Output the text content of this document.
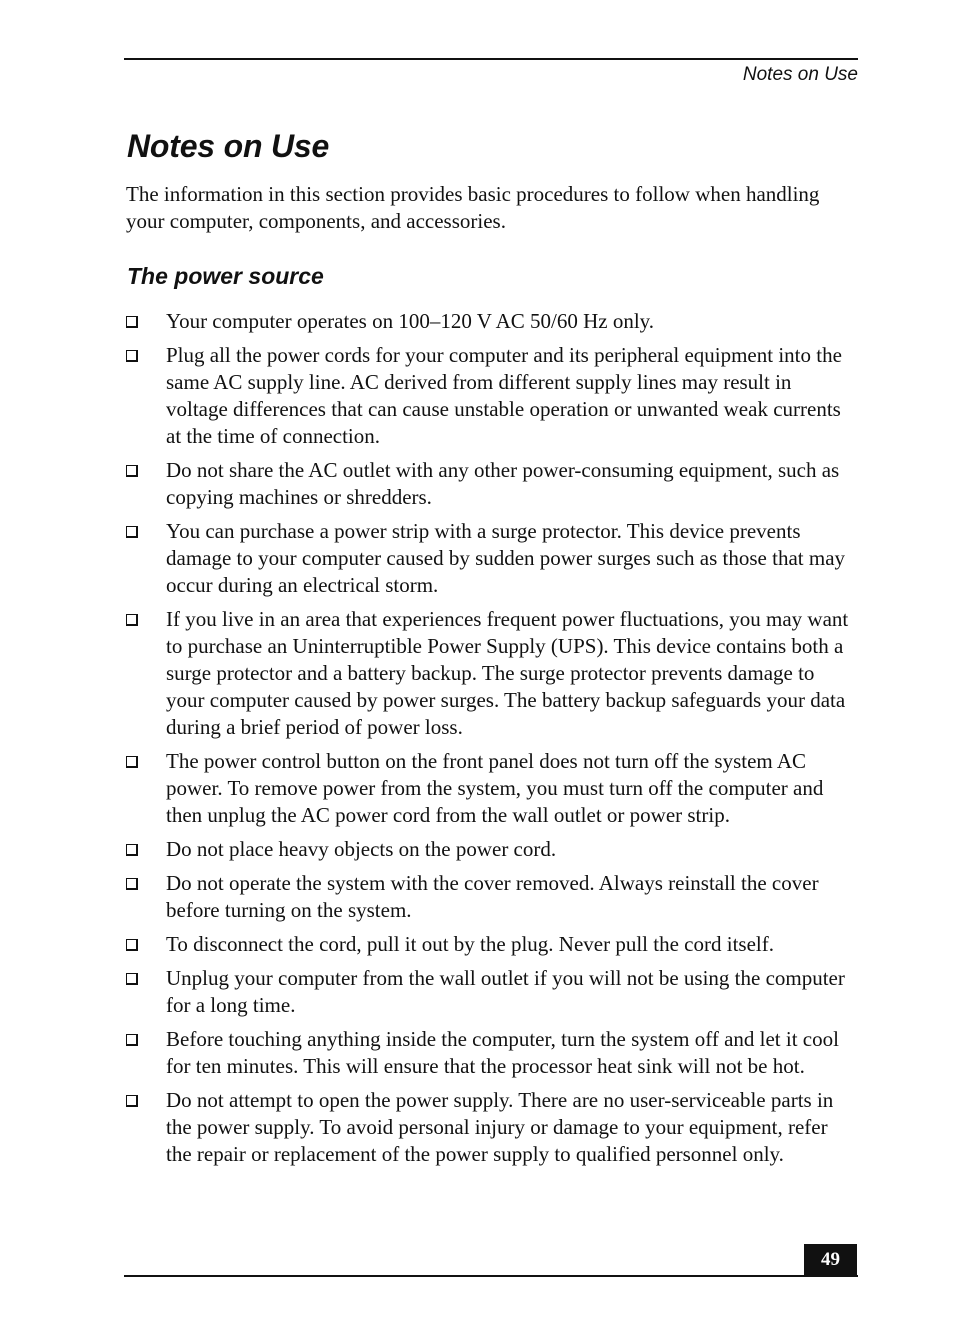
Notes on Use
Notes on Use

The information in this section provides basic procedures to follow when handling your computer, components, and accessories.

The power source
Your computer operates on 100–120 V AC 50/60 Hz only.
Plug all the power cords for your computer and its peripheral equipment into the same AC supply line. AC derived from different supply lines may result in voltage differences that can cause unstable operation or unwanted weak currents at the time of connection.
Do not share the AC outlet with any other power-consuming equipment, such as copying machines or shredders.
You can purchase a power strip with a surge protector. This device prevents damage to your computer caused by sudden power surges such as those that may occur during an electrical storm.
If you live in an area that experiences frequent power fluctuations, you may want to purchase an Uninterruptible Power Supply (UPS). This device contains both a surge protector and a battery backup. The surge protector prevents damage to your computer caused by power surges. The battery backup safeguards your data during a brief period of power loss.
The power control button on the front panel does not turn off the system AC power. To remove power from the system, you must turn off the computer and then unplug the AC power cord from the wall outlet or power strip.
Do not place heavy objects on the power cord.
Do not operate the system with the cover removed. Always reinstall the cover before turning on the system.
To disconnect the cord, pull it out by the plug. Never pull the cord itself.
Unplug your computer from the wall outlet if you will not be using the computer for a long time.
Before touching anything inside the computer, turn the system off and let it cool for ten minutes. This will ensure that the processor heat sink will not be hot.
Do not attempt to open the power supply. There are no user-serviceable parts in the power supply. To avoid personal injury or damage to your equipment, refer the repair or replacement of the power supply to qualified personnel only.
49
